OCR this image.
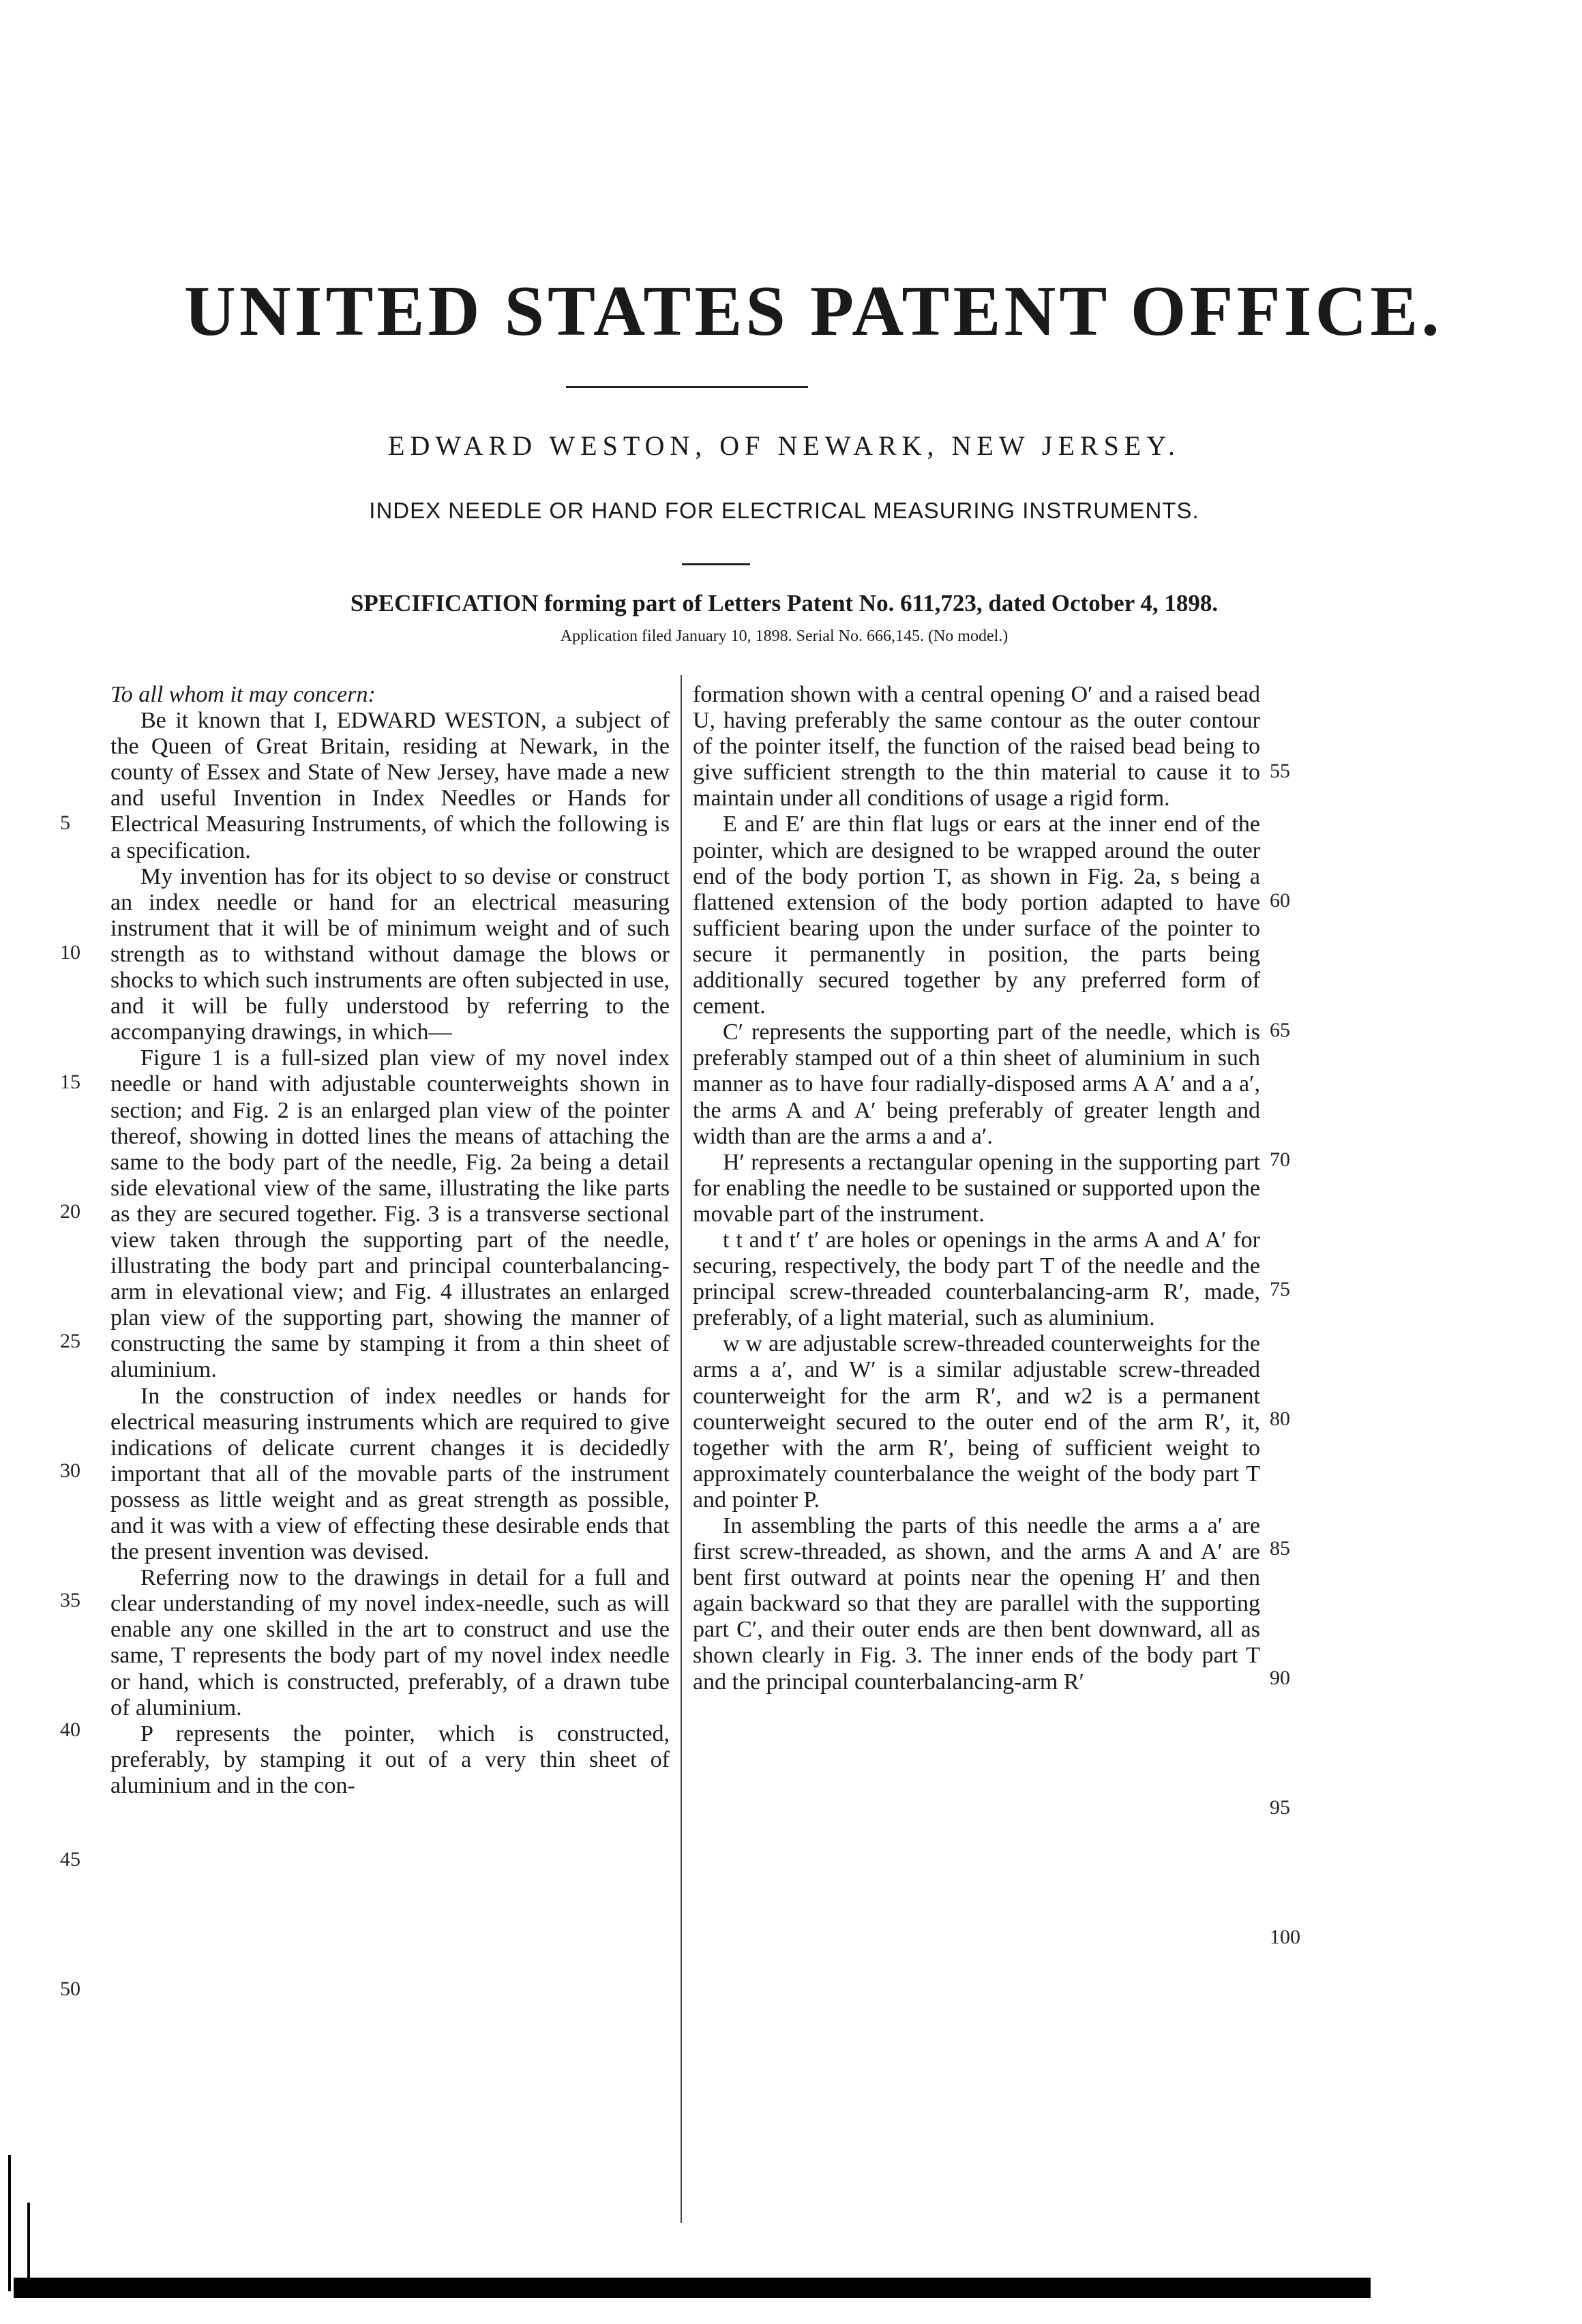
UNITED STATES PATENT OFFICE.
EDWARD WESTON, OF NEWARK, NEW JERSEY.
INDEX NEEDLE OR HAND FOR ELECTRICAL MEASURING INSTRUMENTS.
SPECIFICATION forming part of Letters Patent No. 611,723, dated October 4, 1898.
Application filed January 10, 1898. Serial No. 666,145. (No model.)
5
10
15
20
25
30
35
40
45
50

To all whom it may concern:

Be it known that I, EDWARD WESTON, a subject of the Queen of Great Britain, residing at Newark, in the county of Essex and State of New Jersey, have made a new and useful Invention in Index Needles or Hands for Electrical Measuring Instruments, of which the following is a specification.

My invention has for its object to so devise or construct an index needle or hand for an electrical measuring instrument that it will be of minimum weight and of such strength as to withstand without damage the blows or shocks to which such instruments are often subjected in use, and it will be fully understood by referring to the accompanying drawings, in which—

Figure 1 is a full-sized plan view of my novel index needle or hand with adjustable counterweights shown in section; and Fig. 2 is an enlarged plan view of the pointer thereof, showing in dotted lines the means of attaching the same to the body part of the needle, Fig. 2a being a detail side elevational view of the same, illustrating the like parts as they are secured together. Fig. 3 is a transverse sectional view taken through the supporting part of the needle, illustrating the body part and principal counterbalancing-arm in elevational view; and Fig. 4 illustrates an enlarged plan view of the supporting part, showing the manner of constructing the same by stamping it from a thin sheet of aluminium.

In the construction of index needles or hands for electrical measuring instruments which are required to give indications of delicate current changes it is decidedly important that all of the movable parts of the instrument possess as little weight and as great strength as possible, and it was with a view of effecting these desirable ends that the present invention was devised.

Referring now to the drawings in detail for a full and clear understanding of my novel index-needle, such as will enable any one skilled in the art to construct and use the same, T represents the body part of my novel index needle or hand, which is constructed, preferably, of a drawn tube of aluminium.

P represents the pointer, which is constructed, preferably, by stamping it out of a very thin sheet of aluminium and in the con-

formation shown with a central opening O′ and a raised bead U, having preferably the same contour as the outer contour of the pointer itself, the function of the raised bead being to give sufficient strength to the thin material to cause it to maintain under all conditions of usage a rigid form.

E and E′ are thin flat lugs or ears at the inner end of the pointer, which are designed to be wrapped around the outer end of the body portion T, as shown in Fig. 2a, s being a flattened extension of the body portion adapted to have sufficient bearing upon the under surface of the pointer to secure it permanently in position, the parts being additionally secured together by any preferred form of cement.

C′ represents the supporting part of the needle, which is preferably stamped out of a thin sheet of aluminium in such manner as to have four radially-disposed arms A A′ and a a′, the arms A and A′ being preferably of greater length and width than are the arms a and a′.

H′ represents a rectangular opening in the supporting part for enabling the needle to be sustained or supported upon the movable part of the instrument.

t t and t′ t′ are holes or openings in the arms A and A′ for securing, respectively, the body part T of the needle and the principal screw-threaded counterbalancing-arm R′, made, preferably, of a light material, such as aluminium.

w w are adjustable screw-threaded counterweights for the arms a a′, and W′ is a similar adjustable screw-threaded counterweight for the arm R′, and w2 is a permanent counterweight secured to the outer end of the arm R′, it, together with the arm R′, being of sufficient weight to approximately counterbalance the weight of the body part T and pointer P.

In assembling the parts of this needle the arms a a′ are first screw-threaded, as shown, and the arms A and A′ are bent first outward at points near the opening H′ and then again backward so that they are parallel with the supporting part C′, and their outer ends are then bent downward, all as shown clearly in Fig. 3. The inner ends of the body part T and the principal counterbalancing-arm R′

55
60
65
70
75
80
85
90
95
100
